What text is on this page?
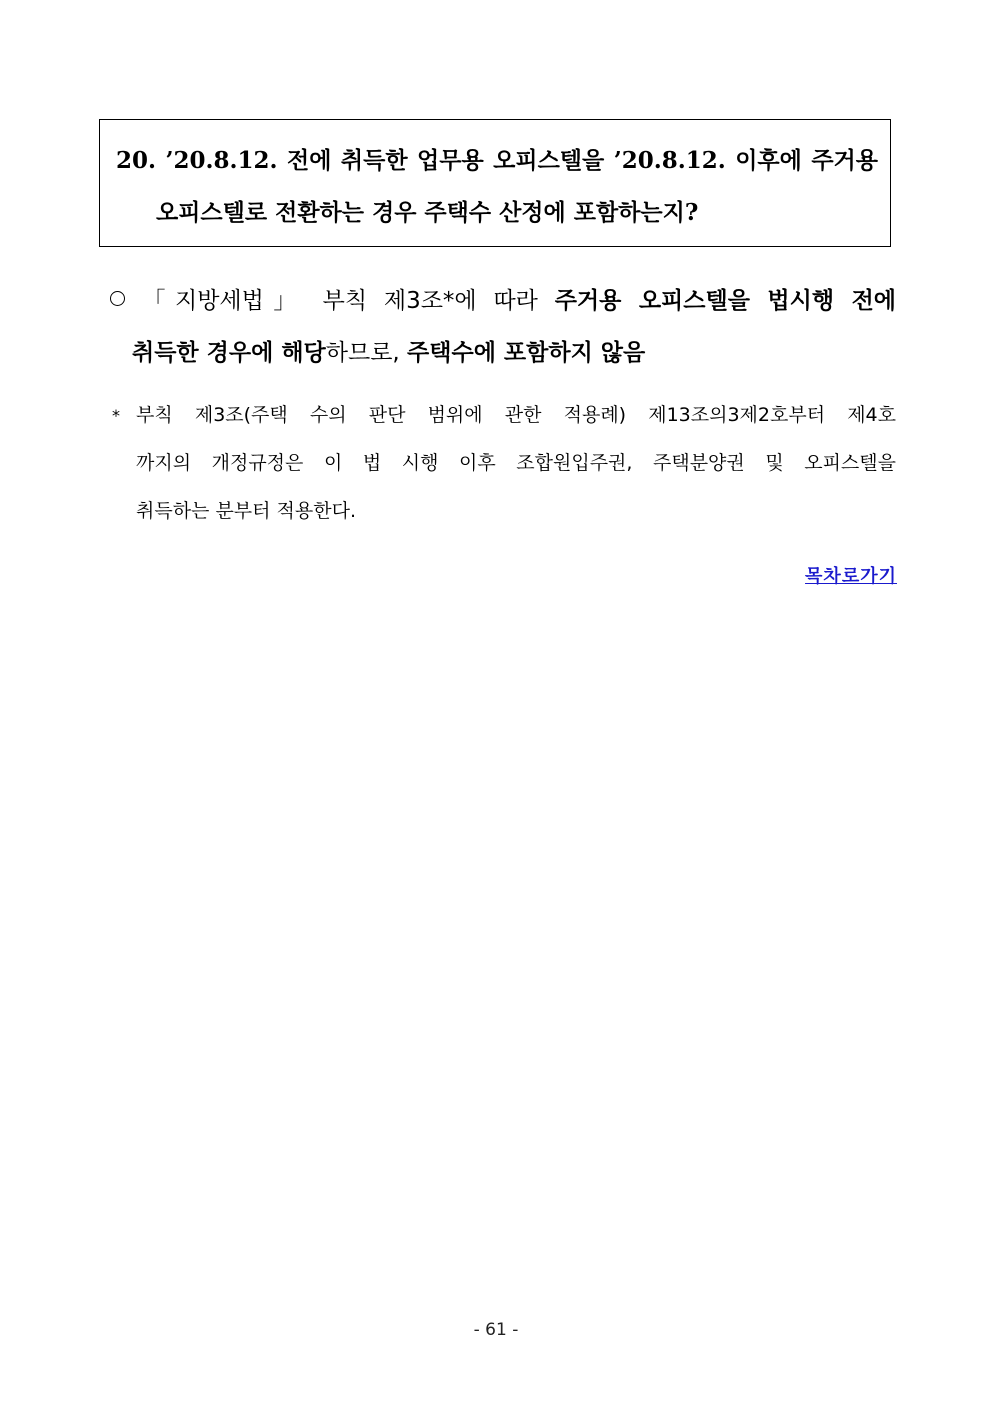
20. ’20.8.12. 전에 취득한 업무용 오피스텔을 ’20.8.12. 이후에 주거용
오피스텔로 전환하는 경우 주택수 산정에 포함하는지?
「지방세법」 부칙 제3조*에 따라 주거용 오피스텔을 법시행 전에
취득한 경우에 해당하므로, 주택수에 포함하지 않음
* 부칙 제3조(주택 수의 판단 범위에 관한 적용례) 제13조의3제2호부터 제4호
까지의 개정규정은 이 법 시행 이후 조합원입주권, 주택분양권 및 오피스텔을
취득하는 분부터 적용한다.
목차로가기
- 61 -
